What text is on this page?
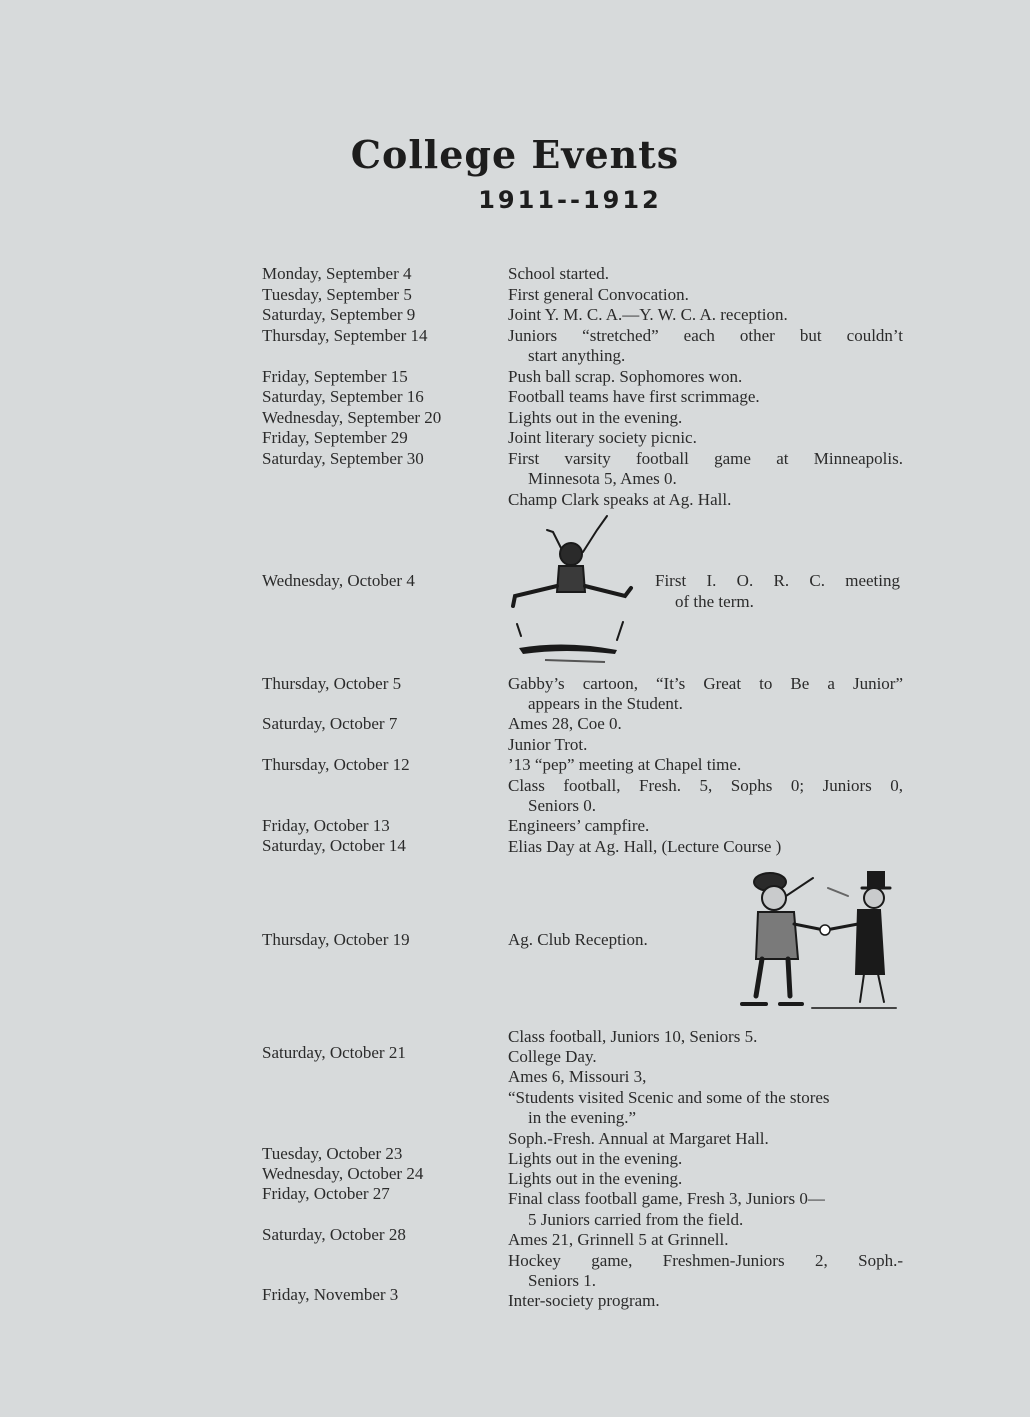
College Events
1911--1912
Monday, September 4
Tuesday, September 5
Saturday, September 9
Thursday, September 14
Friday, September 15
Saturday, September 16
Wednesday, September 20
Friday, September 29
Saturday, September 30
Wednesday, October 4
Thursday, October 5
Saturday, October 7
Thursday, October 12
Friday, October 13
Saturday, October 14
Thursday, October 19
Saturday, October 21
Tuesday, October 23
Wednesday, October 24
Friday, October 27
Saturday, October 28
Friday, November 3
School started.
First general Convocation.
Joint Y. M. C. A.—Y. W. C. A. reception.
Juniors “stretched” each other but couldn’t
start anything.
Push ball scrap. Sophomores won.
Football teams have first scrimmage.
Lights out in the evening.
Joint literary society picnic.
First varsity football game at Minneapolis.
Minnesota 5, Ames 0.
Champ Clark speaks at Ag. Hall.
First I. O. R. C. meeting
of the term.
Gabby’s cartoon, “It’s Great to Be a Junior”
appears in the Student.
Ames 28, Coe 0.
Junior Trot.
’13 “pep” meeting at Chapel time.
Class football, Fresh. 5, Sophs 0; Juniors 0,
Seniors 0.
Engineers’ campfire.
Elias Day at Ag. Hall, (Lecture Course )
Ag. Club Reception.
Class football, Juniors 10, Seniors 5.
College Day.
Ames 6, Missouri 3,
“Students visited Scenic and some of the stores
in the evening.”
Soph.-Fresh. Annual at Margaret Hall.
Lights out in the evening.
Lights out in the evening.
Final class football game, Fresh 3, Juniors 0—
5 Juniors carried from the field.
Ames 21, Grinnell 5 at Grinnell.
Hockey game, Freshmen-Juniors 2, Soph.-
Seniors 1.
Inter-society program.
